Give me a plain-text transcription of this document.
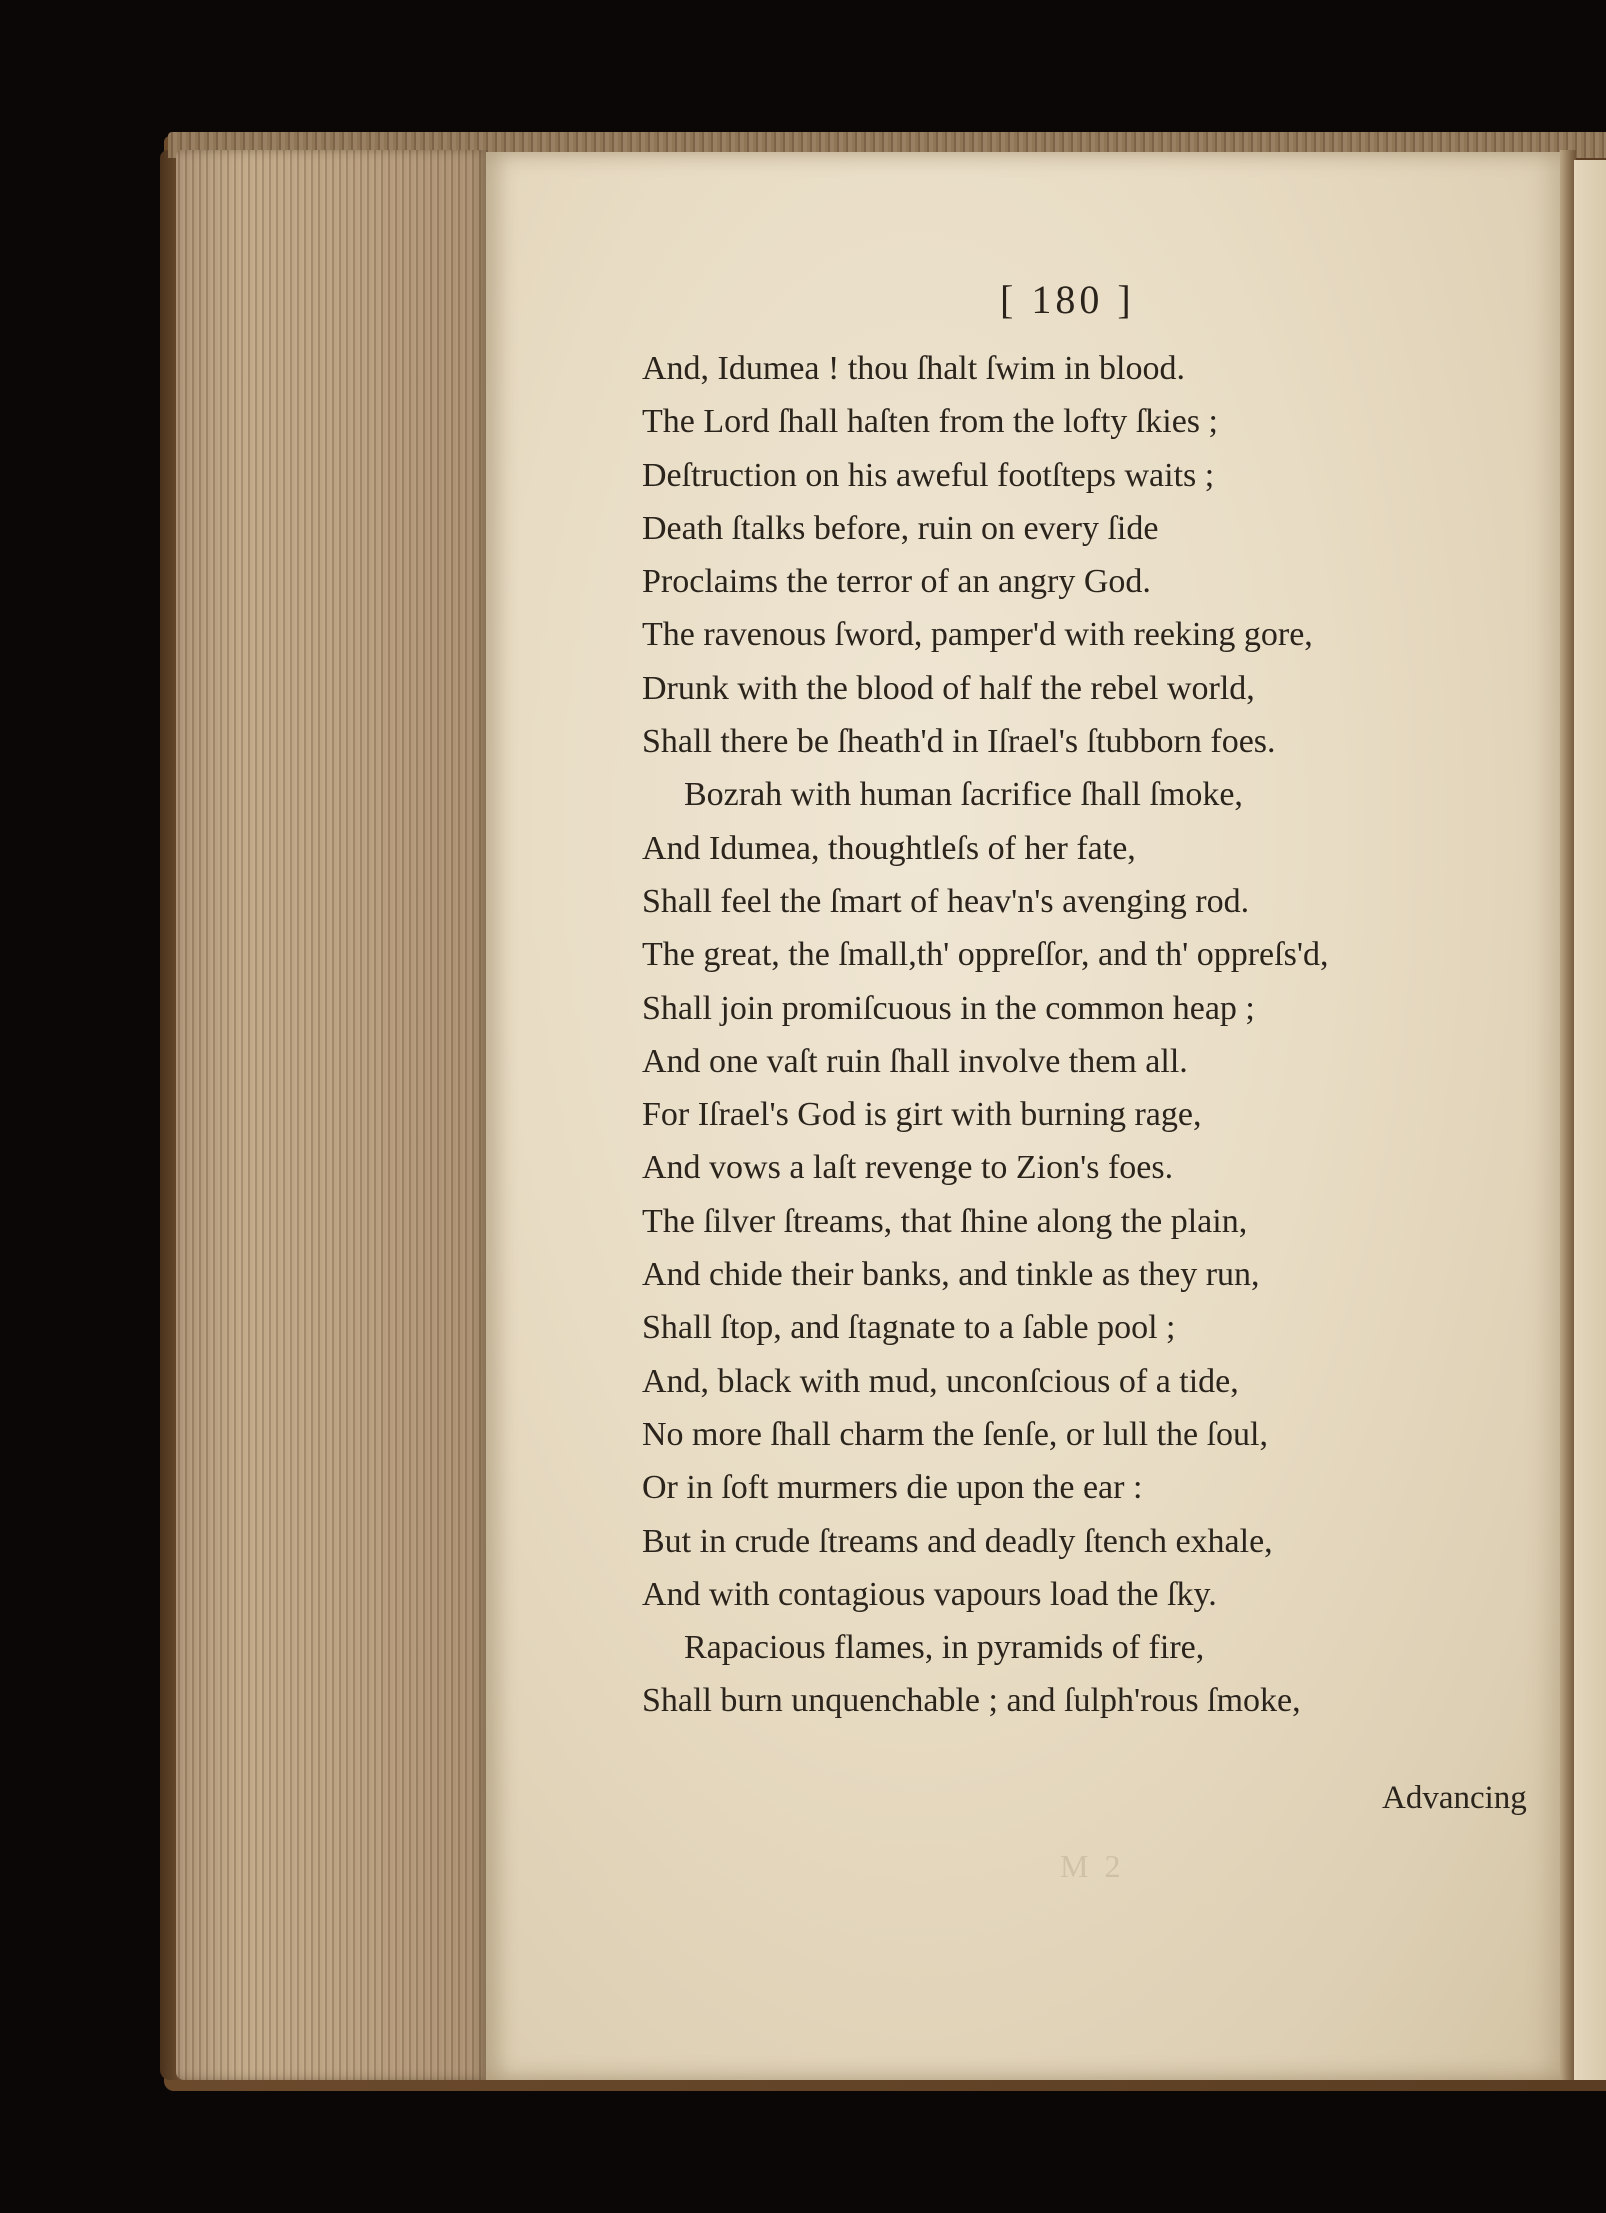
M 2
[ 180 ]
And, Idumea ! thou ſhalt ſwim in blood.
The Lord ſhall haſten from the lofty ſkies ;
Deſtruction on his aweful footſteps waits ;
Death ſtalks before, ruin on every ſide
Proclaims the terror of an angry God.
The ravenous ſword, pamper'd with reeking gore,
Drunk with the blood of half the rebel world,
Shall there be ſheath'd in Iſrael's ſtubborn foes.
Bozrah with human ſacrifice ſhall ſmoke,
And Idumea, thoughtleſs of her fate,
Shall feel the ſmart of heav'n's avenging rod.
The great, the ſmall,th' oppreſſor, and th' oppreſs'd,
Shall join promiſcuous in the common heap ;
And one vaſt ruin ſhall involve them all.
For Iſrael's God is girt with burning rage,
And vows a laſt revenge to Zion's foes.
The ſilver ſtreams, that ſhine along the plain,
And chide their banks, and tinkle as they run,
Shall ſtop, and ſtagnate to a ſable pool ;
And, black with mud, unconſcious of a tide,
No more ſhall charm the ſenſe, or lull the ſoul,
Or in ſoft murmers die upon the ear :
But in crude ſtreams and deadly ſtench exhale,
And with contagious vapours load the ſky.
Rapacious flames, in pyramids of fire,
Shall burn unquenchable ; and ſulph'rous ſmoke,
Advancing
